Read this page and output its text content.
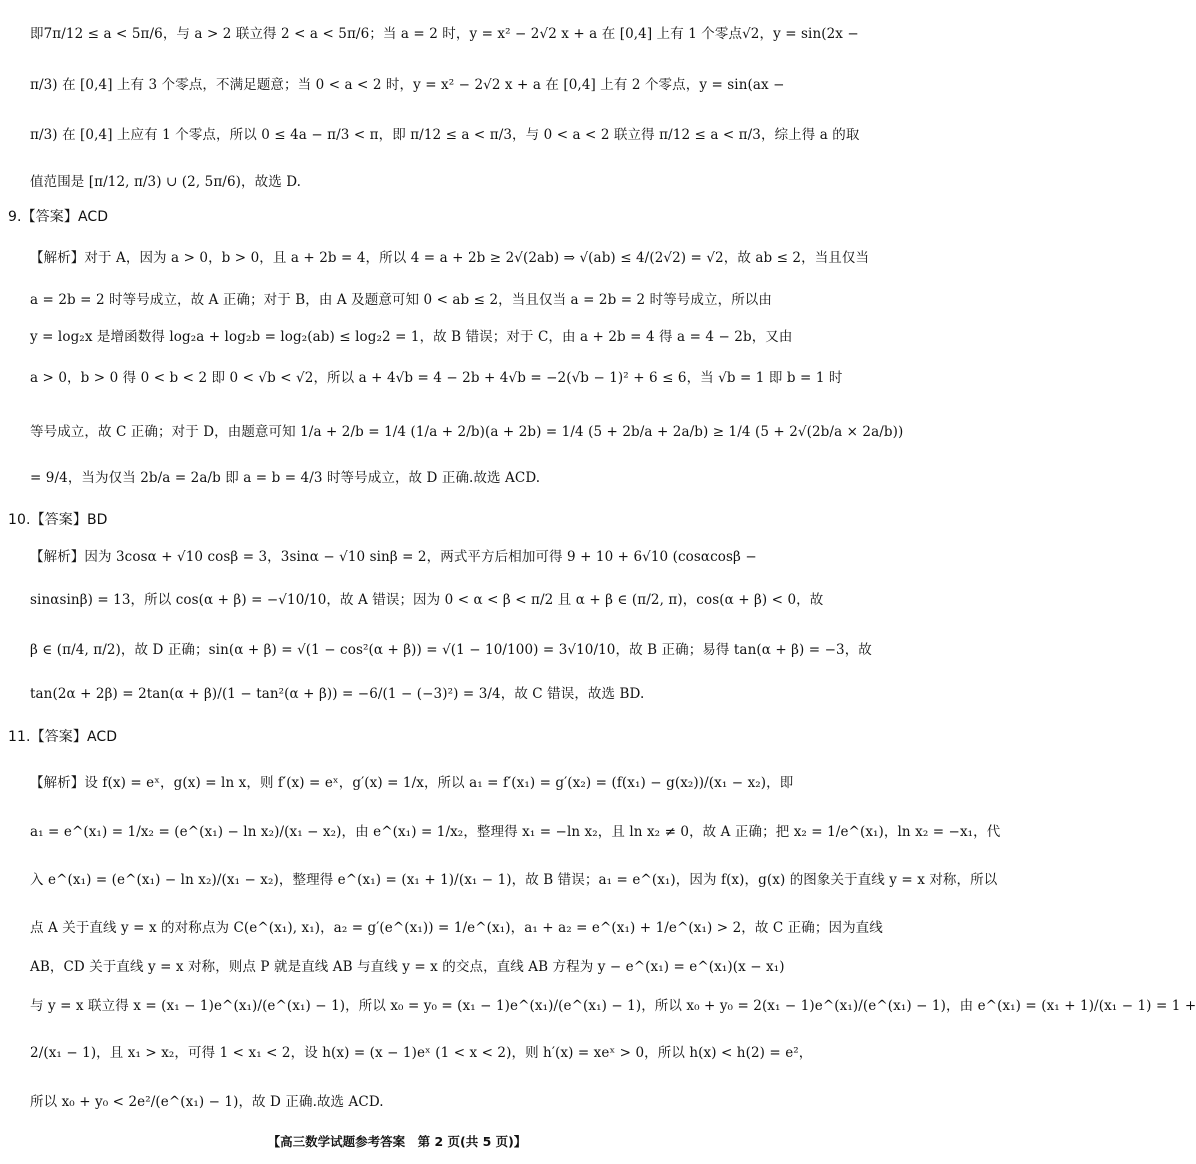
即7π/12 ≤ a < 5π/6，与 a > 2 联立得 2 < a < 5π/6；当 a = 2 时，y = x² − 2√2 x + a 在 [0,4] 上有 1 个零点√2，y = sin(2x −
π/3) 在 [0,4] 上有 3 个零点，不满足题意；当 0 < a < 2 时，y = x² − 2√2 x + a 在 [0,4] 上有 2 个零点，y = sin(ax −
π/3) 在 [0,4] 上应有 1 个零点，所以 0 ≤ 4a − π/3 < π，即 π/12 ≤ a < π/3，与 0 < a < 2 联立得 π/12 ≤ a < π/3，综上得 a 的取
值范围是 [π/12, π/3) ∪ (2, 5π/6)，故选 D.
9.【答案】ACD
【解析】对于 A，因为 a > 0，b > 0，且 a + 2b = 4，所以 4 = a + 2b ≥ 2√(2ab) ⇒ √(ab) ≤ 4/(2√2) = √2，故 ab ≤ 2，当且仅当
a = 2b = 2 时等号成立，故 A 正确；对于 B，由 A 及题意可知 0 < ab ≤ 2，当且仅当 a = 2b = 2 时等号成立，所以由
y = log₂x 是增函数得 log₂a + log₂b = log₂(ab) ≤ log₂2 = 1，故 B 错误；对于 C，由 a + 2b = 4 得 a = 4 − 2b，又由
a > 0，b > 0 得 0 < b < 2 即 0 < √b < √2，所以 a + 4√b = 4 − 2b + 4√b = −2(√b − 1)² + 6 ≤ 6，当 √b = 1 即 b = 1 时
等号成立，故 C 正确；对于 D，由题意可知 1/a + 2/b = 1/4 (1/a + 2/b)(a + 2b) = 1/4 (5 + 2b/a + 2a/b) ≥ 1/4 (5 + 2√(2b/a × 2a/b))
= 9/4，当为仅当 2b/a = 2a/b 即 a = b = 4/3 时等号成立，故 D 正确.故选 ACD.
10.【答案】BD
【解析】因为 3cosα + √10 cosβ = 3，3sinα − √10 sinβ = 2，两式平方后相加可得 9 + 10 + 6√10 (cosαcosβ −
sinαsinβ) = 13，所以 cos(α + β) = −√10/10，故 A 错误；因为 0 < α < β < π/2 且 α + β ∈ (π/2, π)，cos(α + β) < 0，故
β ∈ (π/4, π/2)，故 D 正确；sin(α + β) = √(1 − cos²(α + β)) = √(1 − 10/100) = 3√10/10，故 B 正确；易得 tan(α + β) = −3，故
tan(2α + 2β) = 2tan(α + β)/(1 − tan²(α + β)) = −6/(1 − (−3)²) = 3/4，故 C 错误，故选 BD.
11.【答案】ACD
【解析】设 f(x) = eˣ，g(x) = ln x，则 f′(x) = eˣ，g′(x) = 1/x，所以 a₁ = f′(x₁) = g′(x₂) = (f(x₁) − g(x₂))/(x₁ − x₂)，即
a₁ = e^(x₁) = 1/x₂ = (e^(x₁) − ln x₂)/(x₁ − x₂)，由 e^(x₁) = 1/x₂，整理得 x₁ = −ln x₂，且 ln x₂ ≠ 0，故 A 正确；把 x₂ = 1/e^(x₁)，ln x₂ = −x₁，代
入 e^(x₁) = (e^(x₁) − ln x₂)/(x₁ − x₂)，整理得 e^(x₁) = (x₁ + 1)/(x₁ − 1)，故 B 错误；a₁ = e^(x₁)，因为 f(x)，g(x) 的图象关于直线 y = x 对称，所以
点 A 关于直线 y = x 的对称点为 C(e^(x₁), x₁)，a₂ = g′(e^(x₁)) = 1/e^(x₁)，a₁ + a₂ = e^(x₁) + 1/e^(x₁) > 2，故 C 正确；因为直线
AB，CD 关于直线 y = x 对称，则点 P 就是直线 AB 与直线 y = x 的交点，直线 AB 方程为 y − e^(x₁) = e^(x₁)(x − x₁)
与 y = x 联立得 x = (x₁ − 1)e^(x₁)/(e^(x₁) − 1)，所以 x₀ = y₀ = (x₁ − 1)e^(x₁)/(e^(x₁) − 1)，所以 x₀ + y₀ = 2(x₁ − 1)e^(x₁)/(e^(x₁) − 1)，由 e^(x₁) = (x₁ + 1)/(x₁ − 1) = 1 +
2/(x₁ − 1)，且 x₁ > x₂，可得 1 < x₁ < 2，设 h(x) = (x − 1)eˣ (1 < x < 2)，则 h′(x) = xeˣ > 0，所以 h(x) < h(2) = e²，
所以 x₀ + y₀ < 2e²/(e^(x₁) − 1)，故 D 正确.故选 ACD.
【高三数学试题参考答案　第 2 页(共 5 页)】
